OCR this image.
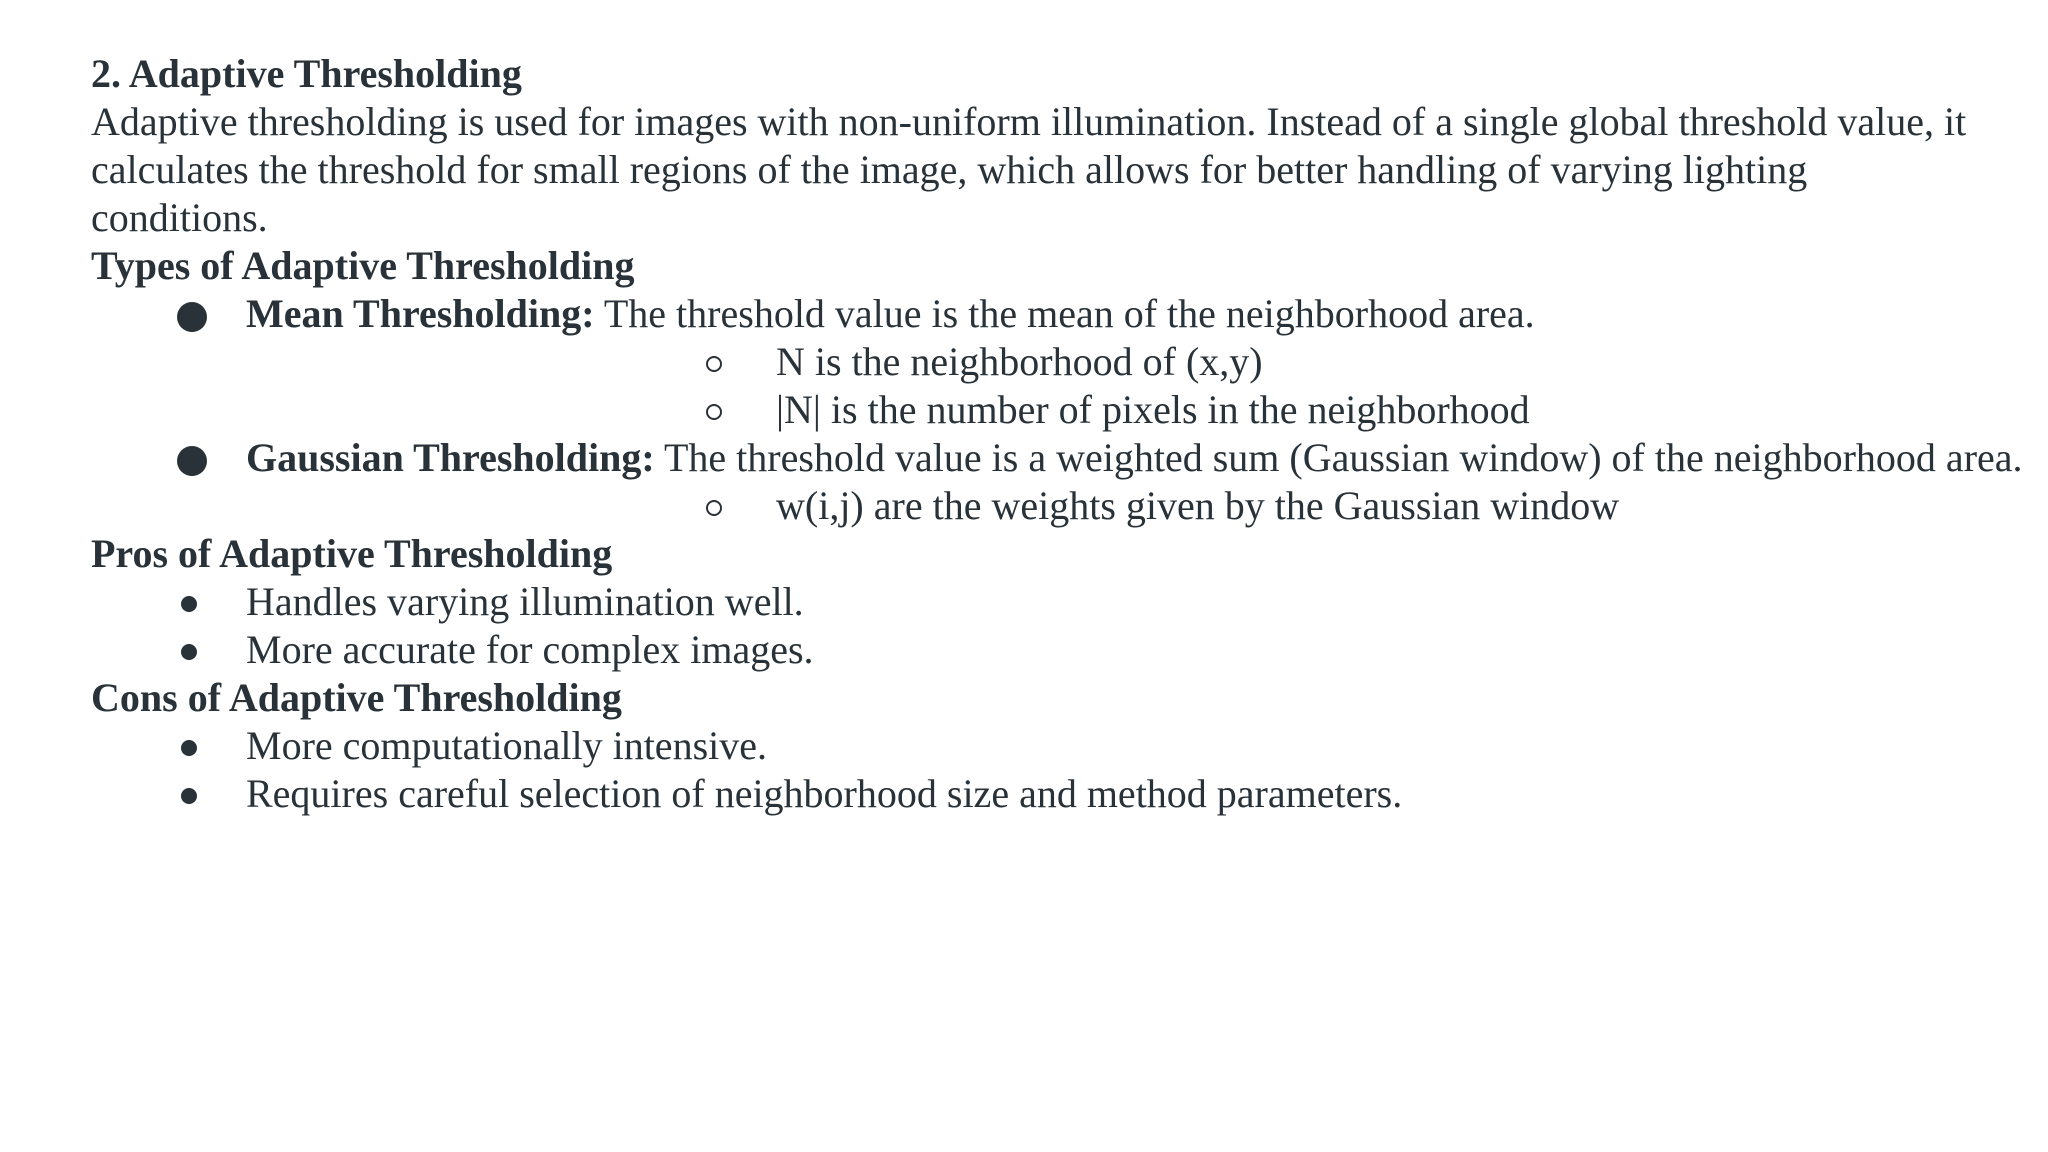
2. Adaptive Thresholding
Adaptive thresholding is used for images with non-uniform illumination. Instead of a single global threshold value, it calculates the threshold for small regions of the image, which allows for better handling of varying lighting conditions.
Types of Adaptive Thresholding
Mean Thresholding: The threshold value is the mean of the neighborhood area.
N is the neighborhood of (x,y)
|N| is the number of pixels in the neighborhood
Gaussian Thresholding: The threshold value is a weighted sum (Gaussian window) of the neighborhood area.
w(i,j) are the weights given by the Gaussian window
Pros of Adaptive Thresholding
Handles varying illumination well.
More accurate for complex images.
Cons of Adaptive Thresholding
More computationally intensive.
Requires careful selection of neighborhood size and method parameters.
